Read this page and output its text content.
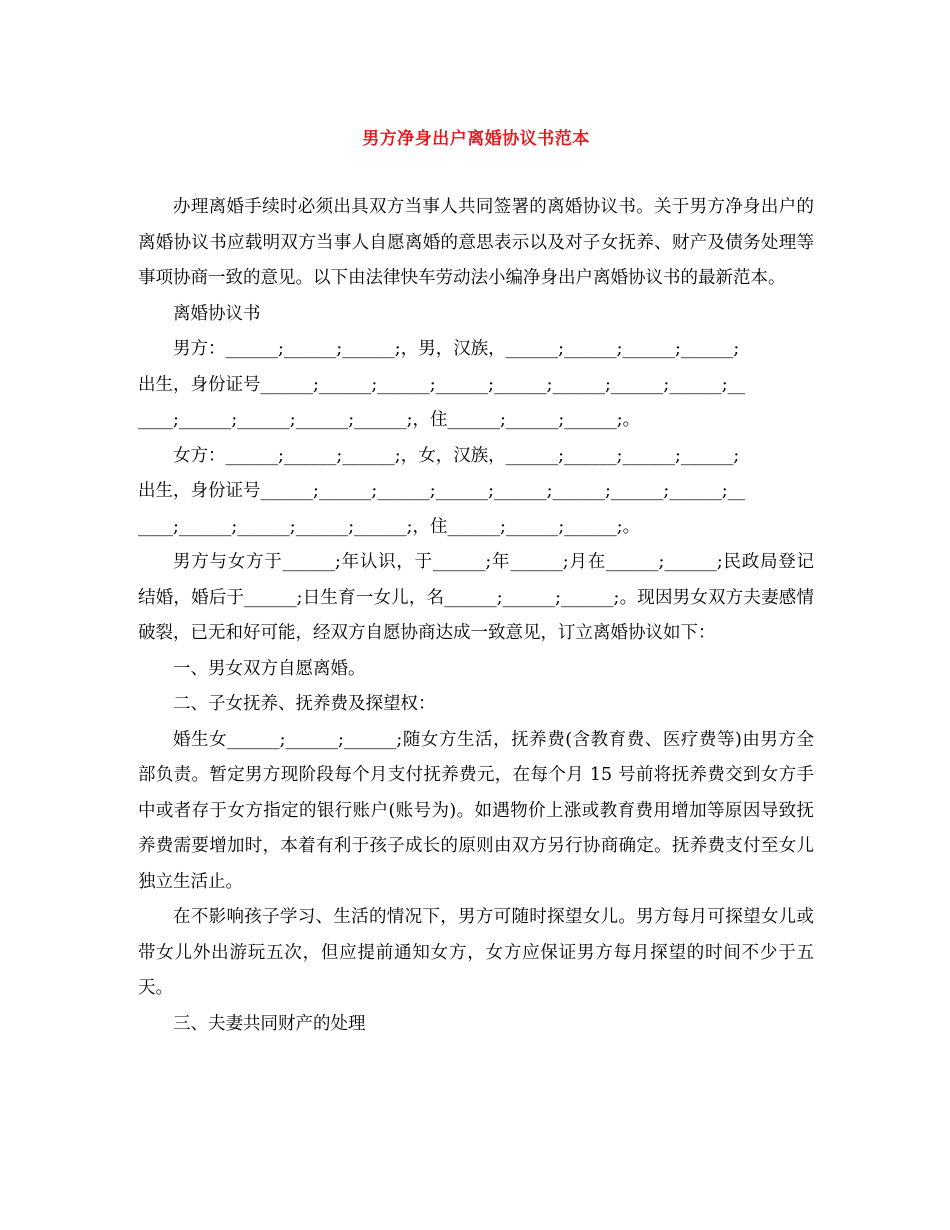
男方净身出户离婚协议书范本

办理离婚手续时必须出具双方当事人共同签署的离婚协议书。关于男方净身出户的离婚协议书应载明双方当事人自愿离婚的意思表示以及对子女抚养、财产及债务处理等事项协商一致的意见。以下由法律快车劳动法小编净身出户离婚协议书的最新范本。

离婚协议书

男方：______;______;______;，男，汉族，______;______;______;______;

出生，身份证号______;______;______;______;______;______;______;______;__

____;______;______;______;______;，住______;______;______;。

女方：______;______;______;，女，汉族，______;______;______;______;

出生，身份证号______;______;______;______;______;______;______;______;__

____;______;______;______;______;，住______;______;______;。

男方与女方于______;年认识，于______;年______;月在______;______;民政局登记结婚，婚后于______;日生育一女儿，名______;______;______;。现因男女双方夫妻感情破裂，已无和好可能，经双方自愿协商达成一致意见，订立离婚协议如下：

一、男女双方自愿离婚。

二、子女抚养、抚养费及探望权：

婚生女______;______;______;随女方生活，抚养费(含教育费、医疗费等)由男方全部负责。暂定男方现阶段每个月支付抚养费元，在每个月 15 号前将抚养费交到女方手中或者存于女方指定的银行账户(账号为)。如遇物价上涨或教育费用增加等原因导致抚养费需要增加时，本着有利于孩子成长的原则由双方另行协商确定。抚养费支付至女儿独立生活止。

在不影响孩子学习、生活的情况下，男方可随时探望女儿。男方每月可探望女儿或带女儿外出游玩五次，但应提前通知女方，女方应保证男方每月探望的时间不少于五天。

三、夫妻共同财产的处理
